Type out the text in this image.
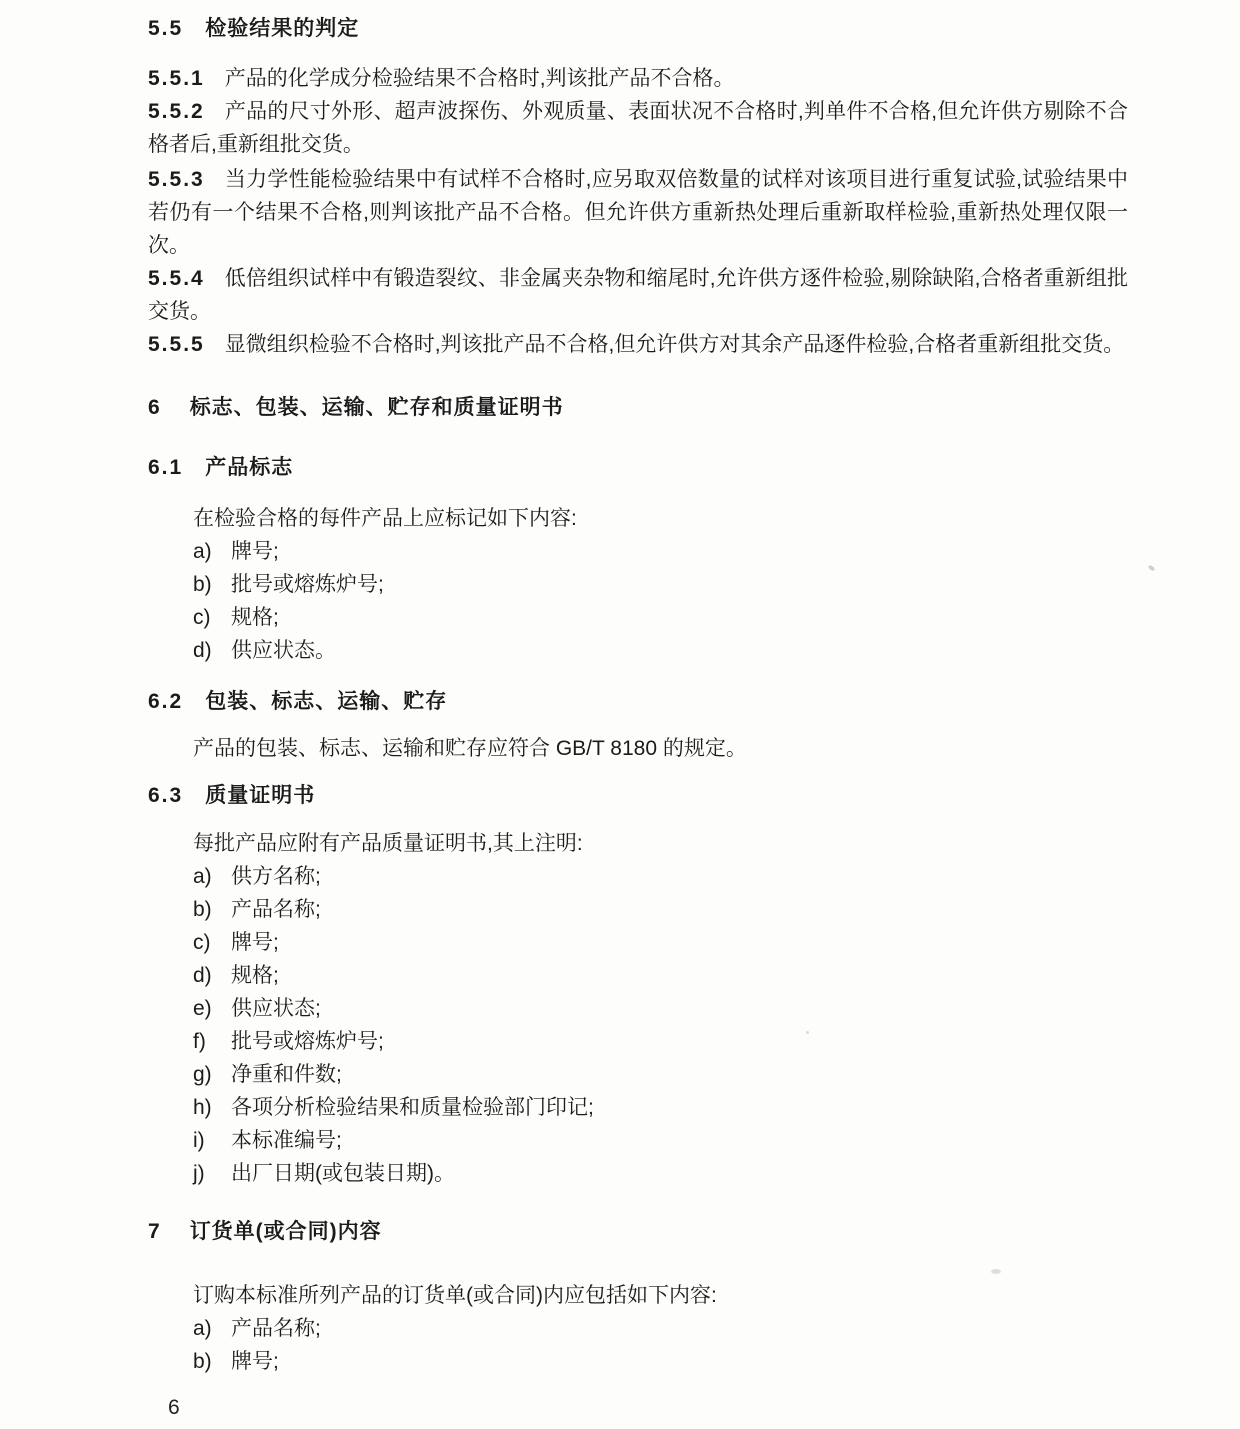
5.5 检验结果的判定
5.5.1 产品的化学成分检验结果不合格时,判该批产品不合格。
5.5.2 产品的尺寸外形、超声波探伤、外观质量、表面状况不合格时,判单件不合格,但允许供方剔除不合格者后,重新组批交货。
5.5.3 当力学性能检验结果中有试样不合格时,应另取双倍数量的试样对该项目进行重复试验,试验结果中若仍有一个结果不合格,则判该批产品不合格。但允许供方重新热处理后重新取样检验,重新热处理仅限一次。
5.5.4 低倍组织试样中有锻造裂纹、非金属夹杂物和缩尾时,允许供方逐件检验,剔除缺陷,合格者重新组批交货。
5.5.5 显微组织检验不合格时,判该批产品不合格,但允许供方对其余产品逐件检验,合格者重新组批交货。
6 标志、包装、运输、贮存和质量证明书
6.1 产品标志
在检验合格的每件产品上应标记如下内容:
a) 牌号;
b) 批号或熔炼炉号;
c) 规格;
d) 供应状态。
6.2 包装、标志、运输、贮存
产品的包装、标志、运输和贮存应符合 GB/T 8180 的规定。
6.3 质量证明书
每批产品应附有产品质量证明书,其上注明:
a) 供方名称;
b) 产品名称;
c) 牌号;
d) 规格;
e) 供应状态;
f) 批号或熔炼炉号;
g) 净重和件数;
h) 各项分析检验结果和质量检验部门印记;
i) 本标准编号;
j) 出厂日期(或包装日期)。
7 订货单(或合同)内容
订购本标准所列产品的订货单(或合同)内应包括如下内容:
a) 产品名称;
b) 牌号;
6
